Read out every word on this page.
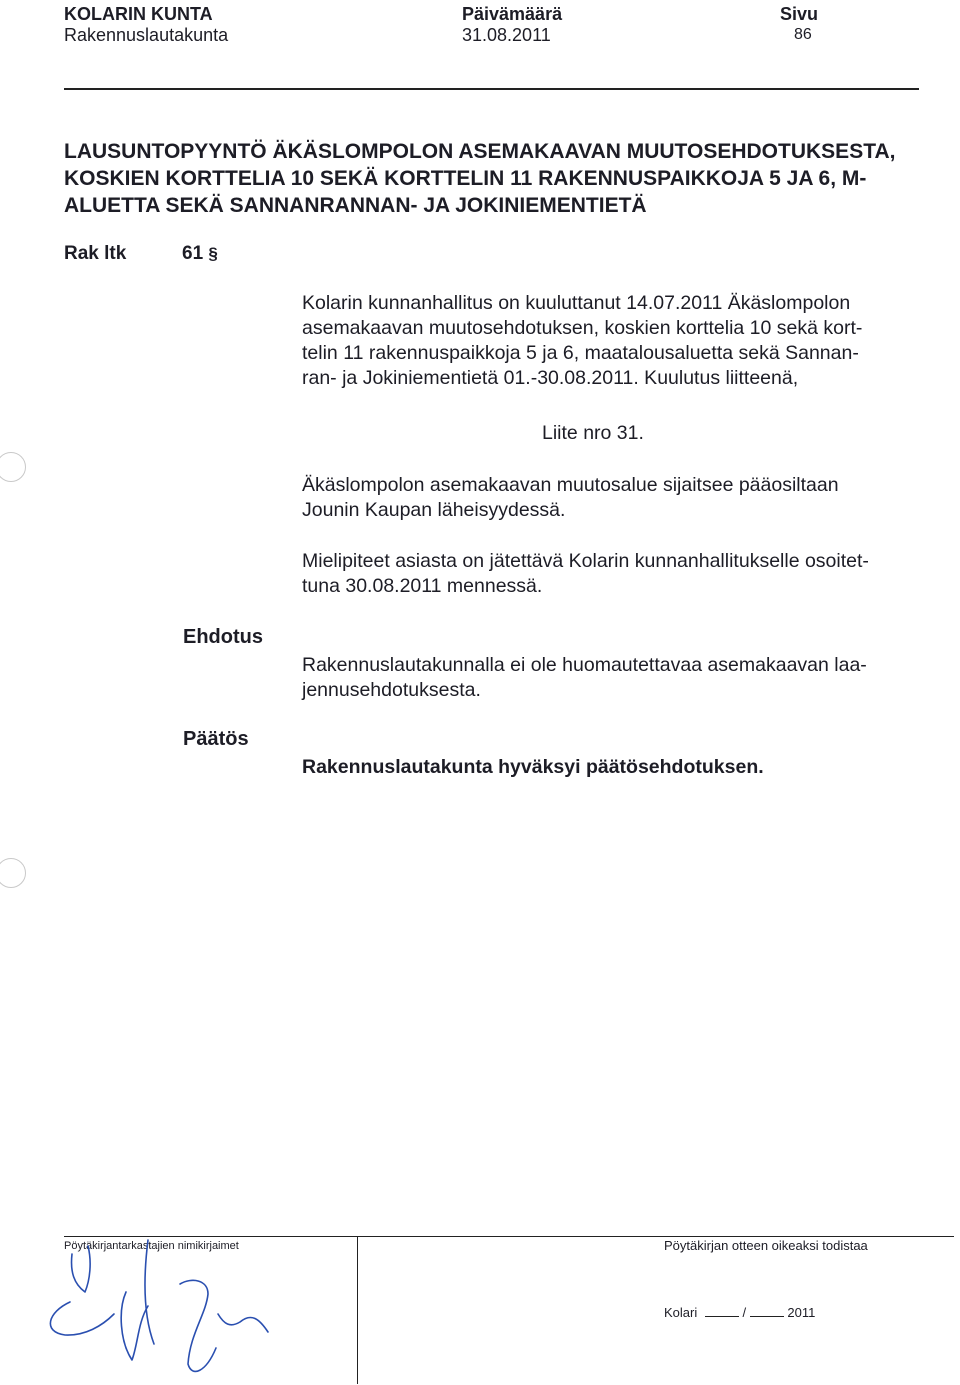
KOLARIN KUNTA
Rakennuslautakunta
Päivämäärä
31.08.2011
Sivu
86
LAUSUNTOPYYNTÖ ÄKÄSLOMPOLON ASEMAKAAVAN MUUTOSEHDOTUKSESTA,
KOSKIEN KORTTELIA 10 SEKÄ KORTTELIN 11 RAKENNUSPAIKKOJA 5 JA 6, M-
ALUETTA SEKÄ SANNANRANNAN- JA JOKINIEMENTIETÄ
Rak ltk	61 §
Kolarin kunnanhallitus on kuuluttanut 14.07.2011 Äkäslompolon
asemakaavan muutosehdotuksen, koskien korttelia 10 sekä kort-
telin 11 rakennuspaikkoja 5 ja 6, maatalousaluetta sekä Sannan-
ran- ja Jokiniementietä 01.-30.08.2011. Kuulutus liitteenä,
Liite nro 31.
Äkäslompolon asemakaavan muutosalue sijaitsee pääosiltaan
Jounin Kaupan läheisyydessä.
Mielipiteet asiasta on jätettävä Kolarin kunnanhallitukselle osoitet-
tuna 30.08.2011 mennessä.
Ehdotus
Rakennuslautakunnalla ei ole huomautettavaa asemakaavan laa-
jennusehdotuksesta.
Päätös
Rakennuslautakunta hyväksyi päätösehdotuksen.
Pöytäkirjantarkastajien nimikirjaimet	Pöytäkirjan otteen oikeaksi todistaa
Kolari	/	2011
